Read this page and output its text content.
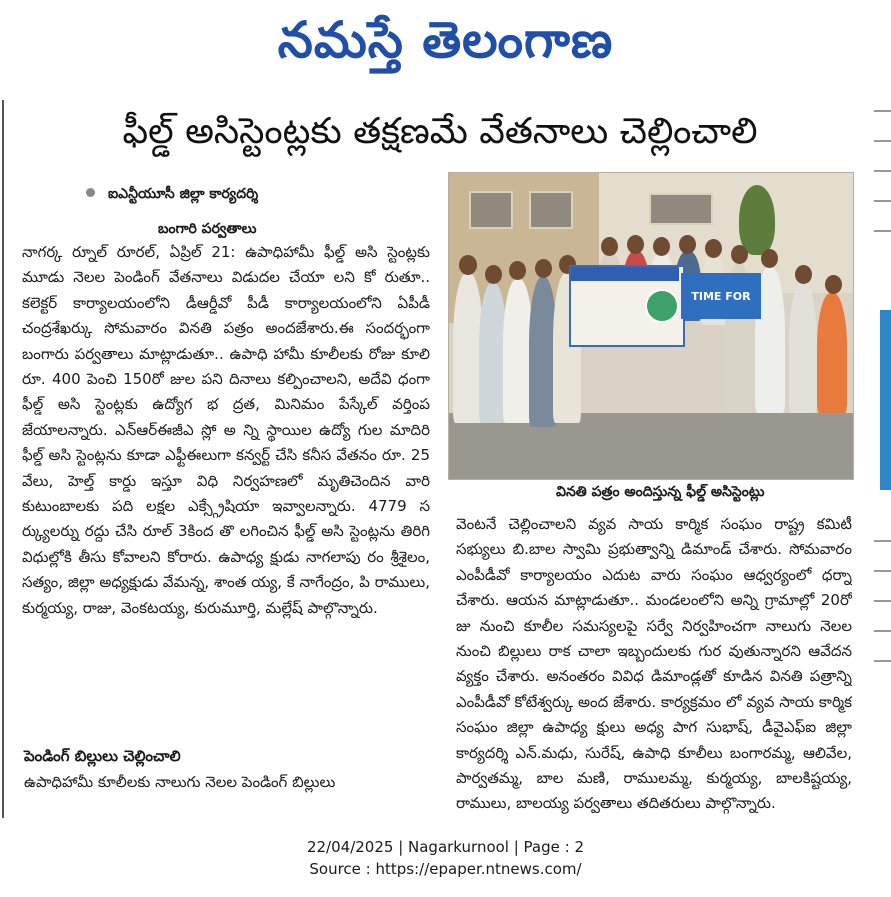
నమస్తే తెలంగాణ
ఫీల్డ్ అసిస్టెంట్లకు తక్షణమే వేతనాలు చెల్లించాలి
ఐఎన్టీయూసీ జిల్లా కార్యదర్శి
బంగారి పర్వతాలు
నాగర్క ర్నూల్ రూరల్, ఏప్రిల్ 21: ఉపాధిహామీ ఫీల్డ్ అసి స్టెంట్లకు మూడు నెలల పెండింగ్ వేతనాలు విడుదల చేయా లని కో రుతూ.. కలెక్టర్ కార్యాలయంలోని డీఆర్డీవో పీడీ కార్యాలయంలోని ఏపీడీ చంద్రశేఖర్కు సోమవారం వినతి పత్రం అందజేశారు.ఈ సందర్భంగా బంగారు పర్వతాలు మాట్లాడుతూ.. ఉపాధి హామీ కూలీలకు రోజు కూలి రూ. 400 పెంచి 150రో జుల పని దినాలు కల్పించాలని, అదేవి ధంగా ఫీల్డ్ అసి స్టెంట్లకు ఉద్యోగ భ ద్రత, మినిమం పేస్కేల్ వర్తింప జేయాలన్నారు. ఎన్ఆర్ఈజీఎ స్లో అ న్ని స్థాయిల ఉద్యో గుల మాదిరి ఫీల్డ్ అసి స్టెంట్లను కూడా ఎఫ్టీఈలుగా కన్వర్ట్ చేసి కనీస వేతనం రూ. 25 వేలు, హెల్త్ కార్డు ఇస్తూ విధి నిర్వహణలో మృతిచెందిన వారి కుటుంబాలకు పది లక్షల ఎక్స్గ్రేషియా ఇవ్వాలన్నారు. 4779 స ర్క్యులర్ను రద్దు చేసి రూల్ 3కింద తొ లగించిన ఫీల్డ్ అసి స్టెంట్లను తిరిగి విధుల్లోకి తీసు కోవాలని కోరారు. ఉపాధ్య క్షుడు నాగలాపు రం శ్రీశైలం, సత్యం, జిల్లా అధ్యక్షుడు వేమన్న, శాంత య్య, కే నాగేంద్రం, పి రాములు, కుర్మయ్య, రాజు, వెంకటయ్య, కురుమూర్తి, మల్లేష్ పాల్గొన్నారు.
పెండింగ్ బిల్లులు చెల్లించాలి
ఉపాధిహామీ కూలీలకు నాలుగు నెలల పెండింగ్ బిల్లులు
TIME FOR
వినతి పత్రం అందిస్తున్న ఫీల్డ్ అసిస్టెంట్లు
వెంటనే చెల్లించాలని వ్యవ సాయ కార్మిక సంఘం రాష్ట్ర కమిటీ సభ్యులు బి.బాల స్వామి ప్రభుత్వాన్ని డిమాండ్ చేశారు. సోమవారం ఎంపీడీవో కార్యాలయం ఎదుట వారు సంఘం ఆధ్వర్యంలో ధర్నా చేశారు. ఆయన మాట్లాడుతూ.. మండలంలోని అన్ని గ్రామాల్లో 20రో జు నుంచి కూలీల సమస్యలపై సర్వే నిర్వహించగా నాలుగు నెలల నుంచి బిల్లులు రాక చాలా ఇబ్బందులకు గుర వుతున్నారని ఆవేదన వ్యక్తం చేశారు. అనంతరం వివిధ డిమాండ్లతో కూడిన వినతి పత్రాన్ని ఎంపీడీవో కోటేశ్వర్కు అంద జేశారు. కార్యక్రమం లో వ్యవ సాయ కార్మిక సంఘం జిల్లా ఉపాధ్య క్షులు అధ్య పాగ సుభాష్, డీవైఎఫ్ఐ జిల్లా కార్యదర్శి ఎన్.మధు, సురేష్, ఉపాధి కూలీలు బంగారమ్మ, ఆలివేల, పార్వతమ్మ, బాల మణి, రాములమ్మ, కుర్మయ్య, బాలకిష్టయ్య, రాములు, బాలయ్య పర్వతాలు తదితరులు పాల్గొన్నారు.
22/04/2025 | Nagarkurnool | Page : 2
Source : https://epaper.ntnews.com/
